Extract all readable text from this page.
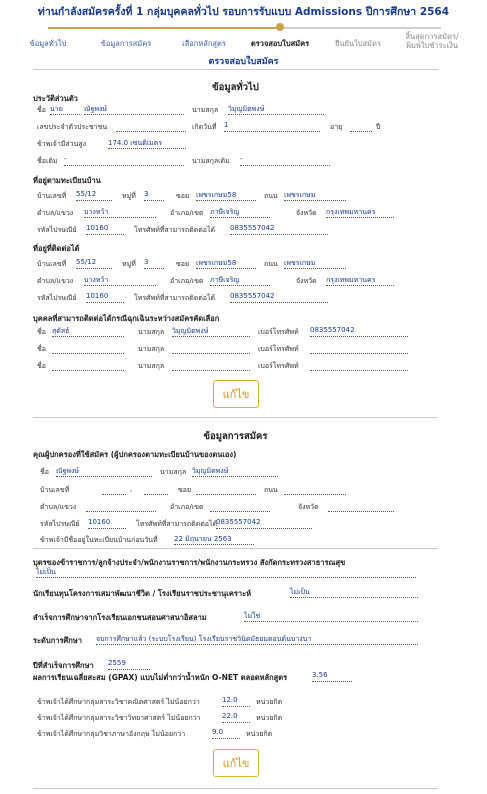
ท่านกำลังสมัครครั้งที่ 1 กลุ่มบุคคลทั่วไป รอบการรับแบบ Admissions ปีการศึกษา 2564
ข้อมูลทั่วไป	ข้อมูลการสมัคร	เลือกหลักสูตร	ตรวจสอบใบสมัคร	ยืนยันใบสมัคร
สิ้นสุดการสมัคร/
พิมพ์ใบชำระเงิน
ตรวจสอบใบสมัคร
ข้อมูลทั่วไป
ประวัติส่วนตัว
ชื่อ นาย	ณัฐพงษ์	นามสกุล วิมุญมิตพงษ์
เลขประจำตัวประชาชน	เกิดวันที่ 1	อายุ	ปี
ข้าพเจ้ามีส่วนสูง	174.0 เซนติเมตร
ชื่อเดิม -	นามสกุลเดิม -
ที่อยู่ตามทะเบียนบ้าน
บ้านเลขที่ 55/12	หมู่ที่ 3	ซอย เพชรเกษม58	ถนน เพชรเกษม
ตำบล/แขวง บางหว้า	อำเภอ/เขต ภาษีเจริญ	จังหวัด กรุงเทพมหานคร
รหัสไปรษณีย์ 10160	โทรศัพท์ที่สามารถติดต่อได้ 0835557042
ที่อยู่ที่ติดต่อได้
บ้านเลขที่ 55/12	หมู่ที่ 3	ซอย เพชรเกษม58	ถนน เพชรเกษม
ตำบล/แขวง บางหว้า	อำเภอ/เขต ภาษีเจริญ	จังหวัด กรุงเทพมหานคร
รหัสไปรษณีย์ 10160	โทรศัพท์ที่สามารถติดต่อได้ 0835557042
บุคคลที่สามารถติดต่อได้กรณีฉุกเฉินระหว่างสมัครคัดเลือก
ชื่อ สุดัสธ์	นามสกุล วิมุญมิตพงษ์	เบอร์โทรศัพท์ 0835557042
ชื่อ	นามสกุล	เบอร์โทรศัพท์
ชื่อ	นามสกุล	เบอร์โทรศัพท์
แก้ไข
ข้อมูลการสมัคร
คุณผู้ปกครองที่ใช้สมัคร (ผู้ปกครองตามทะเบียนบ้านของตนเอง)
ชื่อ ณัฐพงษ์	นามสกุล วิมุญมิตพงษ์
บ้านเลขที่	,	ซอย	ถนน
ตำบล/แขวง	อำเภอ/เขต	จังหวัด
รหัสไปรษณีย์ 10160	โทรศัพท์ที่สามารถติดต่อได้
0835557042
ข้าพเจ้ามีชื่ออยู่ในทะเบียนบ้านก่อนวันที่ 22 มิถุนายน 2563
บุตรของข้าราชการ/ลูกจ้างประจำ/พนักงานราชการ/พนักงานกระทรวง สังกัดกระทรวงสาธารณสุข
ไม่เป็น
นักเรียนทุนโครงการเสมาพัฒนาชีวิต / โรงเรียนราชประชานุเคราะห์	ไม่เป็น
สำเร็จการศึกษาจากโรงเรียนเอกชนสอนศาสนาอิสลาม	ไม่ใช่
ระดับการศึกษา จบการศึกษาแล้ว (ระบบโรงเรียน) โรงเรียนราชวินิตมัธยมตอนต้นบางนา
ปีที่สำเร็จการศึกษา 2559
ผลการเรียนเฉลี่ยสะสม (GPAX) แบบไม่ต่ำกว่าน้ำหนัก O-NET ตลอดหลักสูตร	3.56
ข้าพเจ้าได้ศึกษากลุ่มสาระวิชาคณิตศาสตร์ ไม่น้อยกว่า	12.0	หน่วยกิต
ข้าพเจ้าได้ศึกษากลุ่มสาระวิชาวิทยาศาสตร์ ไม่น้อยกว่า	22.0	หน่วยกิต
ข้าพเจ้าได้ศึกษากลุ่มวิชาภาษาอังกฤษ ไม่น้อยกว่า	9.0	หน่วยกิต
แก้ไข
